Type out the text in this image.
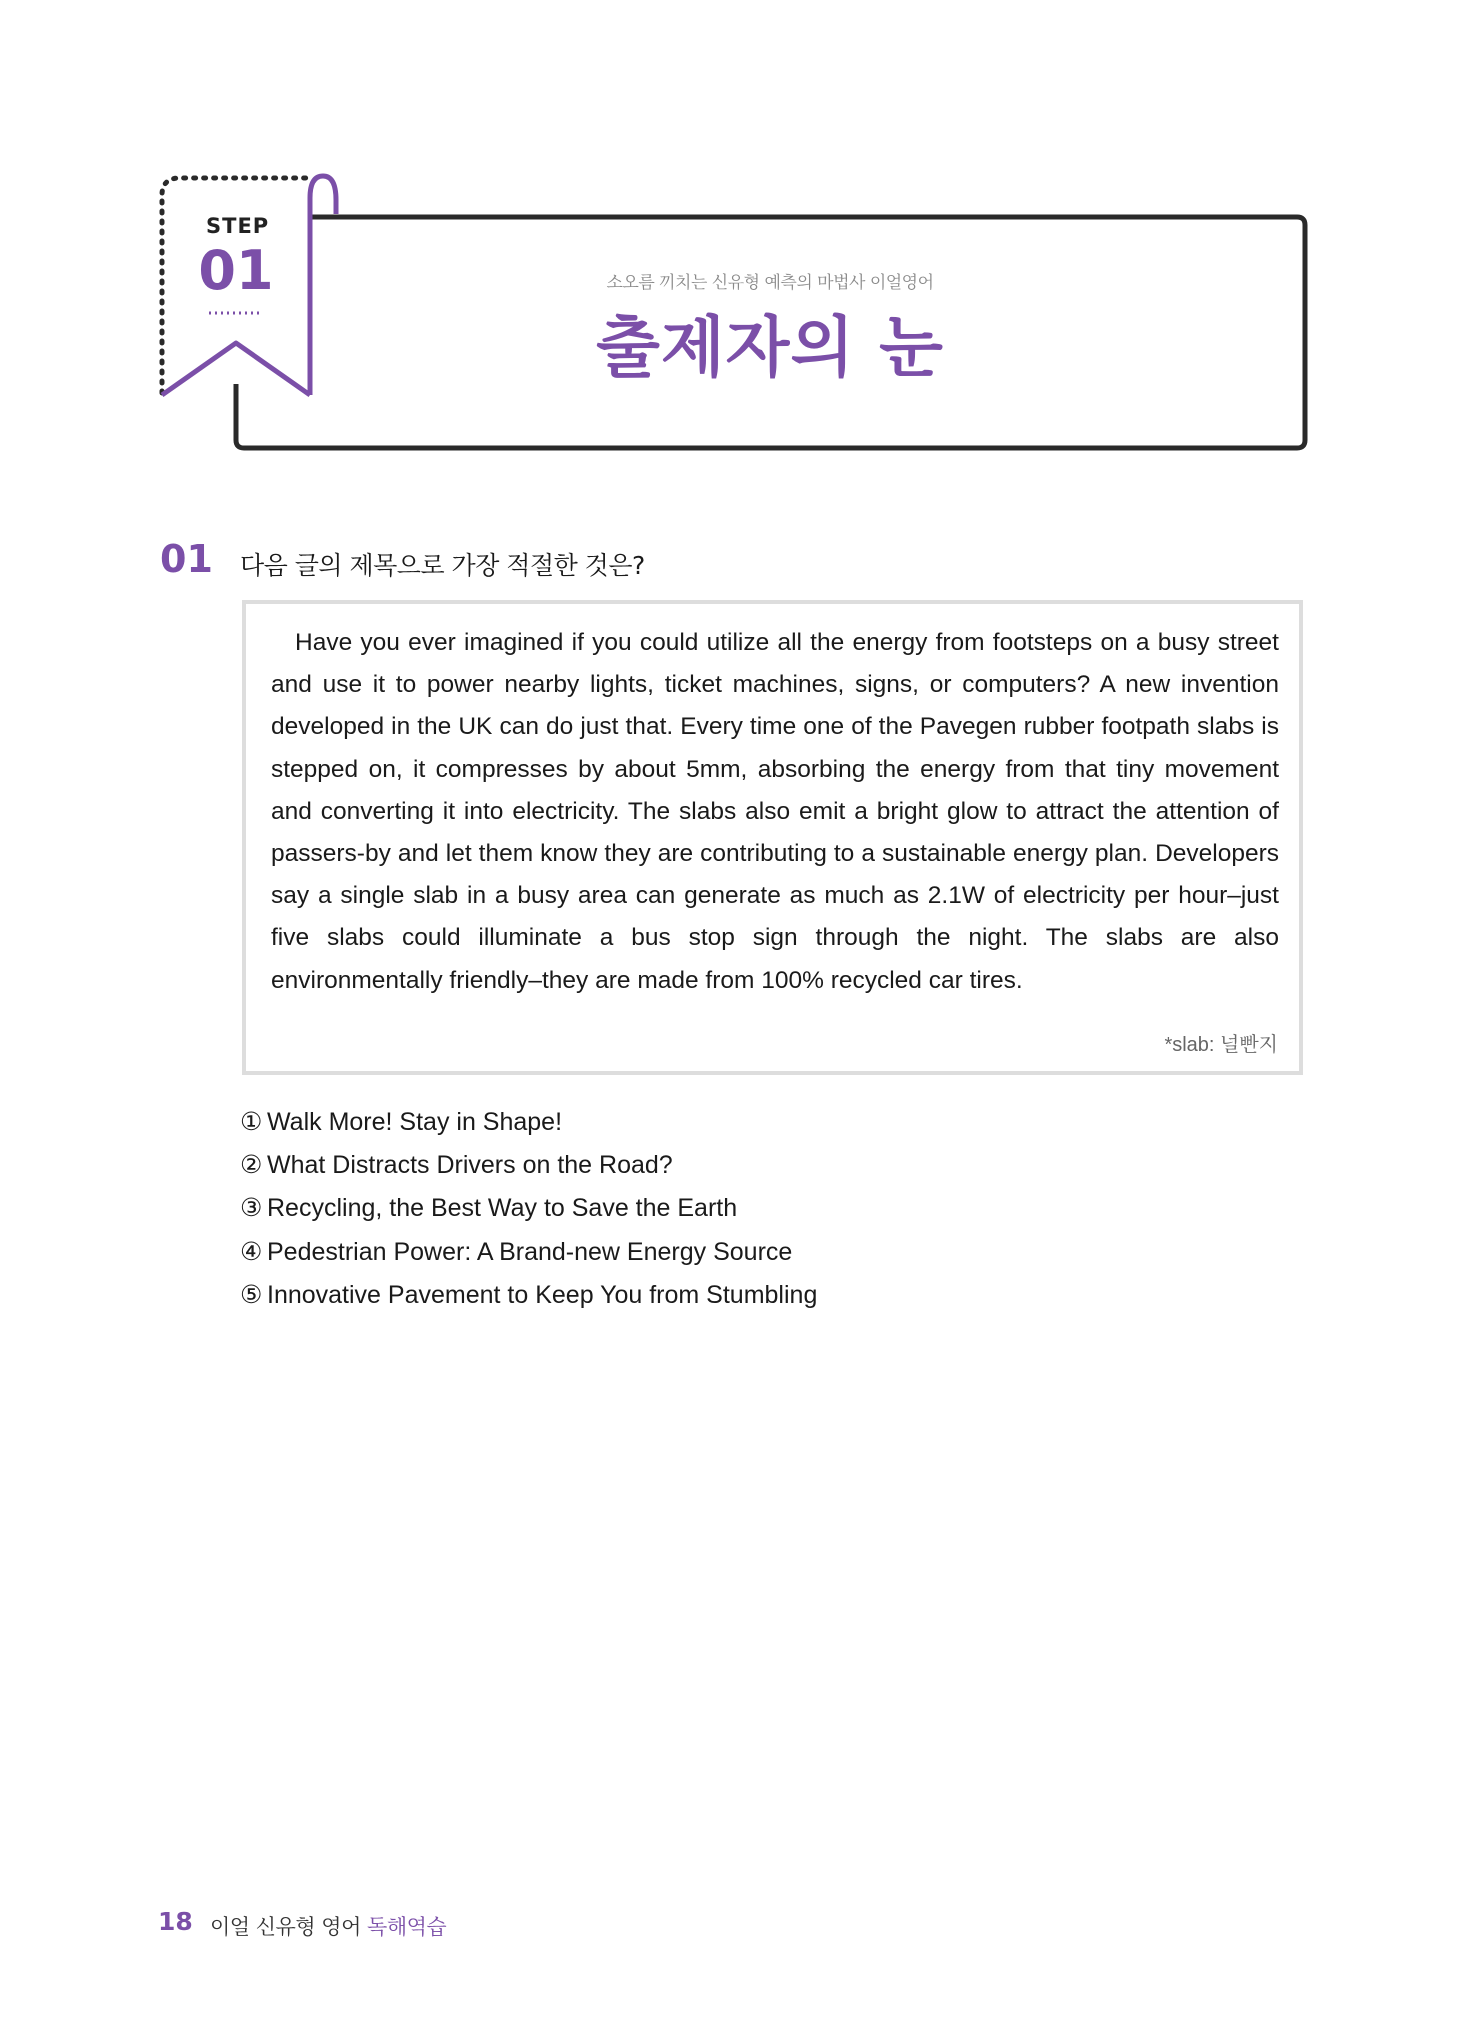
STEP
01	소오름 끼치는 신유형 예측의 마법사 이얼영어
출제자의 눈
01 다음 글의 제목으로 가장 적절한 것은?

Have you ever imagined if you could utilize all the energy from footsteps on a busy street and use it to power nearby lights, ticket machines, signs, or computers? A new invention developed in the UK can do just that. Every time one of the Pavegen rubber footpath slabs is stepped on, it compresses by about 5mm, absorbing the energy from that tiny movement and converting it into electricity. The slabs also emit a bright glow to attract the attention of passers-by and let them know they are contributing to a sustainable energy plan. Developers say a single slab in a busy area can generate as much as 2.1W of electricity per hour–just five slabs could illuminate a bus stop sign through the night. The slabs are also environmentally friendly–they are made from 100% recycled car tires.

*slab: 널빤지
① Walk More! Stay in Shape!
② What Distracts Drivers on the Road?
③ Recycling, the Best Way to Save the Earth
④ Pedestrian Power: A Brand-new Energy Source
⑤ Innovative Pavement to Keep You from Stumbling
18 이얼 신유형 영어 독해역습
